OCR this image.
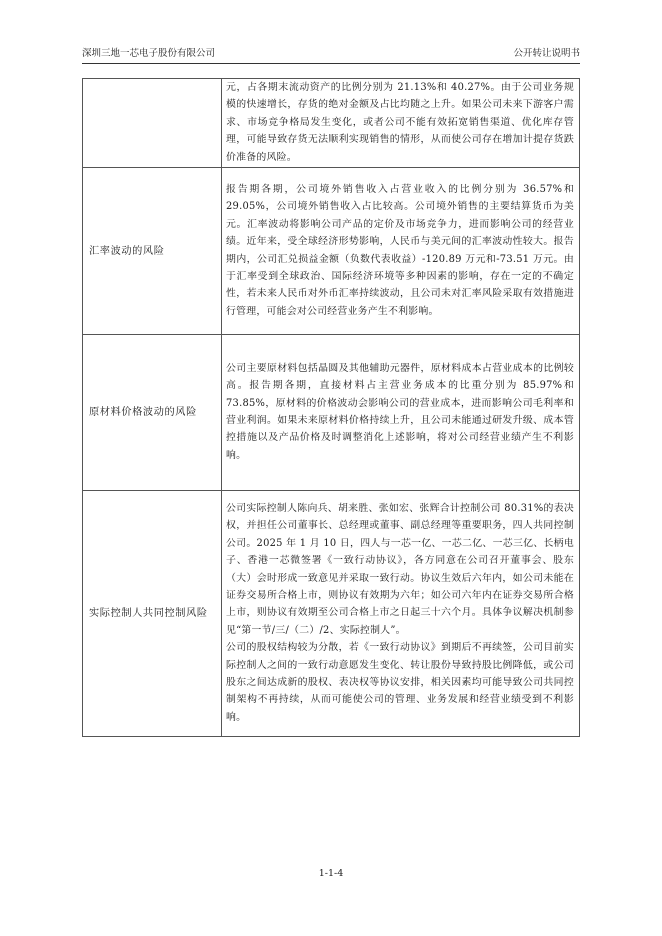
深圳三地一芯电子股份有限公司	公开转让说明书

	元，占各期末流动资产的比例分别为 21.13%和 40.27%。由于公司业务规模的快速增长，存货的绝对金额及占比均随之上升。如果公司未来下游客户需求、市场竞争格局发生变化，或者公司不能有效拓宽销售渠道、优化库存管理，可能导致存货无法顺利实现销售的情形，从而使公司存在增加计提存货跌价准备的风险。

汇率波动的风险	报告期各期，公司境外销售收入占营业收入的比例分别为 36.57%和 29.05%，公司境外销售收入占比较高。公司境外销售的主要结算货币为美元。汇率波动将影响公司产品的定价及市场竞争力，进而影响公司的经营业绩。近年来，受全球经济形势影响，人民币与美元间的汇率波动性较大。报告期内，公司汇兑损益金额（负数代表收益）-120.89 万元和-73.51 万元。由于汇率受到全球政治、国际经济环境等多种因素的影响，存在一定的不确定性，若未来人民币对外币汇率持续波动，且公司未对汇率风险采取有效措施进行管理，可能会对公司经营业务产生不利影响。

原材料价格波动的风险	公司主要原材料包括晶圆及其他辅助元器件，原材料成本占营业成本的比例较高。报告期各期，直接材料占主营业务成本的比重分别为 85.97%和 73.85%，原材料的价格波动会影响公司的营业成本，进而影响公司毛利率和营业利润。如果未来原材料价格持续上升，且公司未能通过研发升级、成本管控措施以及产品价格及时调整消化上述影响，将对公司经营业绩产生不利影响。

实际控制人共同控制风险	公司实际控制人陈向兵、胡来胜、张如宏、张辉合计控制公司 80.31%的表决权，并担任公司董事长、总经理或董事、副总经理等重要职务，四人共同控制公司。2025 年 1 月 10 日，四人与一芯一亿、一芯二亿、一芯三亿、长柄电子、香港一芯微签署《一致行动协议》，各方同意在公司召开董事会、股东（大）会时形成一致意见并采取一致行动。协议生效后六年内，如公司未能在证券交易所合格上市，则协议有效期为六年；如公司六年内在证券交易所合格上市，则协议有效期至公司合格上市之日起三十六个月。具体争议解决机制参见“第一节/三/（二）/2、实际控制人”。

公司的股权结构较为分散，若《一致行动协议》到期后不再续签，公司目前实际控制人之间的一致行动意愿发生变化、转让股份导致持股比例降低，或公司股东之间达成新的股权、表决权等协议安排，相关因素均可能导致公司共同控制架构不再持续，从而可能使公司的管理、业务发展和经营业绩受到不利影响。

1-1-4
